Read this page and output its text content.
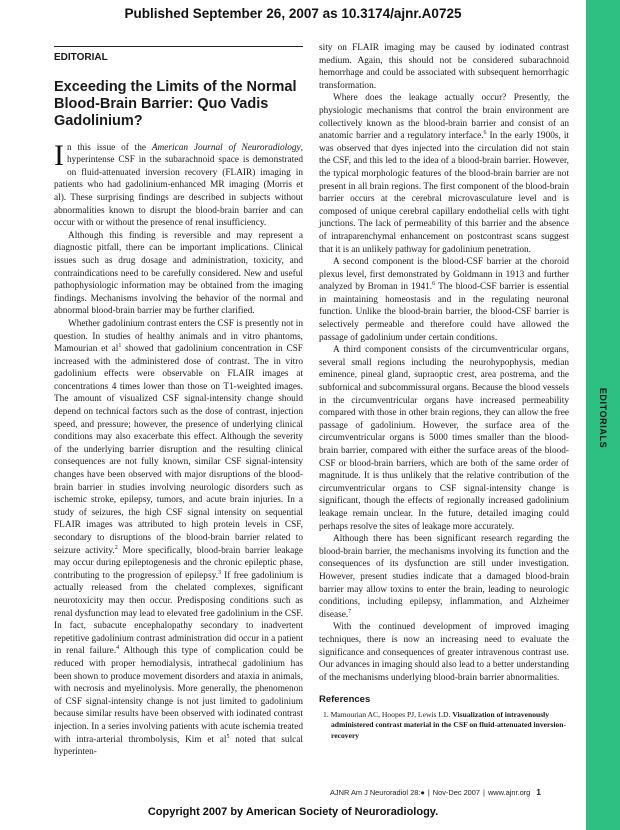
Published September 26, 2007 as 10.3174/ajnr.A0725
EDITORIALS
EDITORIAL
Exceeding the Limits of the Normal Blood-Brain Barrier: Quo Vadis Gadolinium?

In this issue of the American Journal of Neuroradiology, hyperintense CSF in the subarachnoid space is demonstrated on fluid-attenuated inversion recovery (FLAIR) imaging in patients who had gadolinium-enhanced MR imaging (Morris et al). These surprising findings are described in subjects without abnormalities known to disrupt the blood-brain barrier and can occur with or without the presence of renal insufficiency.

Although this finding is reversible and may represent a diagnostic pitfall, there can be important implications. Clinical issues such as drug dosage and administration, toxicity, and contraindications need to be carefully considered. New and useful pathophysiologic information may be obtained from the imaging findings. Mechanisms involving the behavior of the normal and abnormal blood-brain barrier may be further clarified.

Whether gadolinium contrast enters the CSF is presently not in question. In studies of healthy animals and in vitro phantoms, Mamourian et $al^1$ showed that gadolinium concentration in CSF increased with the administered dose of contrast. The in vitro gadolinium effects were observable on FLAIR images at concentrations 4 times lower than those on T1-weighted images. The amount of visualized CSF signal-intensity change should depend on technical factors such as the dose of contrast, injection speed, and pressure; however, the presence of underlying clinical conditions may also exacerbate this effect. Although the severity of the underlying barrier disruption and the resulting clinical consequences are not fully known, similar CSF signal-intensity changes have been observed with major disruptions of the blood-brain barrier in studies involving neurologic disorders such as ischemic stroke, epilepsy, tumors, and acute brain injuries. In a study of seizures, the high CSF signal intensity on sequential FLAIR images was attributed to high protein levels in CSF, secondary to disruptions of the blood-brain barrier related to seizure activity.$^2$ More specifically, blood-brain barrier leakage may occur during epileptogenesis and the chronic epileptic phase, contributing to the progression of epilepsy.$^3$ If free gadolinium is actually released from the chelated complexes, significant neurotoxicity may then occur. Predisposing conditions such as renal dysfunction may lead to elevated free gadolinium in the CSF. In fact, subacute encephalopathy secondary to inadvertent repetitive gadolinium contrast administration did occur in a patient in renal failure.$^4$ Although this type of complication could be reduced with proper hemodialysis, intrathecal gadolinium has been shown to produce movement disorders and ataxia in animals, with necrosis and myelinolysis. More generally, the phenomenon of CSF signal-intensity change is not just limited to gadolinium because similar results have been observed with iodinated contrast injection. In a series involving patients with acute ischemia treated with intra-arterial thrombolysis, Kim et $al^5$ noted that sulcal hyperinten-

sity on FLAIR imaging may be caused by iodinated contrast medium. Again, this should not be considered subarachnoid hemorrhage and could be associated with subsequent hemorrhagic transformation.

Where does the leakage actually occur? Presently, the physiologic mechanisms that control the brain environment are collectively known as the blood-brain barrier and consist of an anatomic barrier and a regulatory interface.$^6$ In the early 1900s, it was observed that dyes injected into the circulation did not stain the CSF, and this led to the idea of a blood-brain barrier. However, the typical morphologic features of the blood-brain barrier are not present in all brain regions. The first component of the blood-brain barrier occurs at the cerebral microvasculature level and is composed of unique cerebral capillary endothelial cells with tight junctions. The lack of permeability of this barrier and the absence of intraparenchymal enhancement on postcontrast scans suggest that it is an unlikely pathway for gadolinium penetration.

A second component is the blood-CSF barrier at the choroid plexus level, first demonstrated by Goldmann in 1913 and further analyzed by Broman in 1941.$^6$ The blood-CSF barrier is essential in maintaining homeostasis and in the regulating neuronal function. Unlike the blood-brain barrier, the blood-CSF barrier is selectively permeable and therefore could have allowed the passage of gadolinium under certain conditions.

A third component consists of the circumventricular organs, several small regions including the neurohypophysis, median eminence, pineal gland, supraoptic crest, area postrema, and the subfornical and subcommissural organs. Because the blood vessels in the circumventricular organs have increased permeability compared with those in other brain regions, they can allow the free passage of gadolinium. However, the surface area of the circumventricular organs is 5000 times smaller than the blood-brain barrier, compared with either the surface areas of the blood-CSF or blood-brain barriers, which are both of the same order of magnitude. It is thus unlikely that the relative contribution of the circumventricular organs to CSF signal-intensity change is significant, though the effects of regionally increased gadolinium leakage remain unclear. In the future, detailed imaging could perhaps resolve the sites of leakage more accurately.

Although there has been significant research regarding the blood-brain barrier, the mechanisms involving its function and the consequences of its dysfunction are still under investigation. However, present studies indicate that a damaged blood-brain barrier may allow toxins to enter the brain, leading to neurologic conditions, including epilepsy, inflammation, and Alzheimer disease.$^7$

With the continued development of improved imaging techniques, there is now an increasing need to evaluate the significance and consequences of greater intravenous contrast use. Our advances in imaging should also lead to a better understanding of the mechanisms underlying blood-brain barrier abnormalities.

References
1. Mamourian AC, Hoopes PJ, Lewis LD. Visualization of intravenously administered contrast material in the CSF on fluid-attenuated inversion-recovery
AJNR Am J Neuroradiol 28:● | Nov-Dec 2007 | www.ajnr.org 1
Copyright 2007 by American Society of Neuroradiology.
